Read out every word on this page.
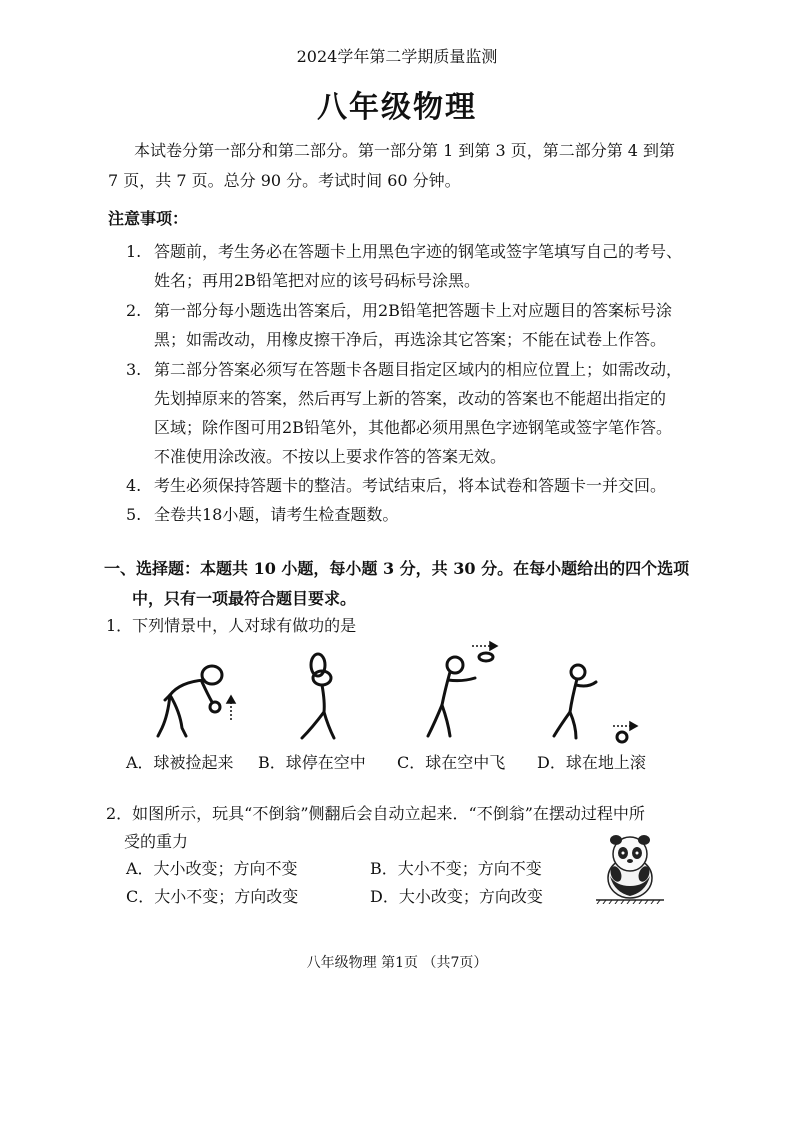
2024学年第二学期质量监测
八年级物理
本试卷分第一部分和第二部分。第一部分第 1 到第 3 页，第二部分第 4 到第
7 页，共 7 页。总分 90 分。考试时间 60 分钟。
注意事项：
1. 答题前，考生务必在答题卡上用黑色字迹的钢笔或签字笔填写自己的考号、
姓名；再用2B铅笔把对应的该号码标号涂黑。
2. 第一部分每小题选出答案后，用2B铅笔把答题卡上对应题目的答案标号涂
黑；如需改动，用橡皮擦干净后，再选涂其它答案；不能在试卷上作答。
3. 第二部分答案必须写在答题卡各题目指定区域内的相应位置上；如需改动，
先划掉原来的答案，然后再写上新的答案，改动的答案也不能超出指定的
区域；除作图可用2B铅笔外，其他都必须用黑色字迹钢笔或签字笔作答。
不准使用涂改液。不按以上要求作答的答案无效。
4. 考生必须保持答题卡的整洁。考试结束后，将本试卷和答题卡一并交回。
5. 全卷共18小题，请考生检查题数。
一、选择题：本题共 10 小题，每小题 3 分，共 30 分。在每小题给出的四个选项
中，只有一项最符合题目要求。
1．下列情景中，人对球有做功的是
A．球被捡起来 B．球停在空中 C．球在空中飞 D．球在地上滚
2．如图所示，玩具“不倒翁”侧翻后会自动立起来．“不倒翁”在摆动过程中所
受的重力
A．大小改变；方向不变	B．大小不变；方向不变
C．大小不变；方向改变	D．大小改变；方向改变
八年级物理 第1页 （共7页）
